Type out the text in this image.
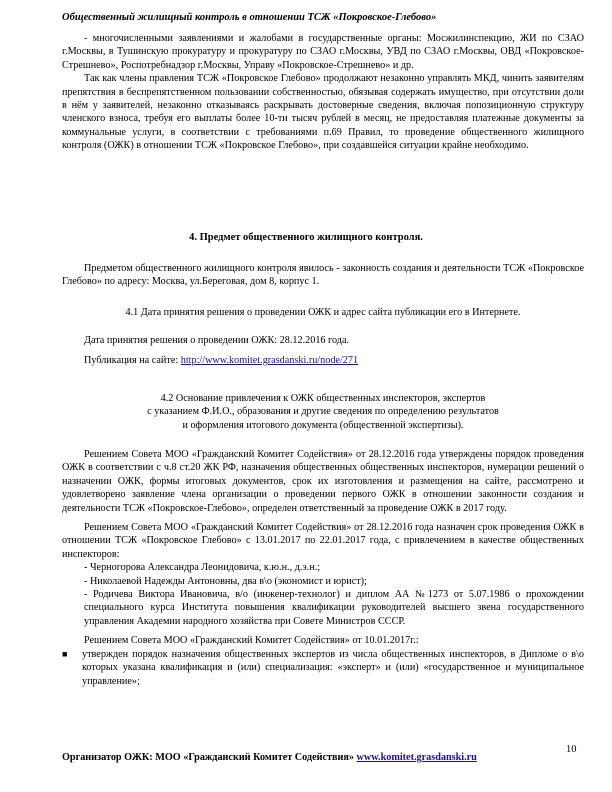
Общественный жилищный контроль в отношении ТСЖ «Покровское-Глебово»

- многочисленными заявлениями и жалобами в государственные органы: Мосжилинспекцию, ЖИ по СЗАО г.Москвы, в Тушинскую прокуратуру и прокуратуру по СЗАО г.Москвы, УВД по СЗАО г.Москвы, ОВД «Покровское-Стрешнево», Роспотребнадзор г.Москвы, Управу «Покровское-Стрешнево» и др.

Так как члены правления ТСЖ «Покровское Глебово» продолжают незаконно управлять МКД, чинить заявителям препятствия в беспрепятственном пользовании собственностью, обязывая содержать имущество, при отсутствии доли в нём у заявителей, незаконно отказываясь раскрывать достоверные сведения, включая попозиционную структуру членского взноса, требуя его выплаты более 10-ти тысяч рублей в месяц, не предоставляя платежные документы за коммунальные услуги, в соответствии с требованиями п.69 Правил, то проведение общественного жилищного контроля (ОЖК) в отношении ТСЖ «Покровское Глебово», при создавшейся ситуации крайне необходимо.

4. Предмет общественного жилищного контроля.

Предметом общественного жилищного контроля явилось - законность создания и деятельности ТСЖ «Покровское Глебово» по адресу: Москва, ул.Береговая, дом 8, корпус 1.

4.1 Дата принятия решения о проведении ОЖК и адрес сайта публикации его в Интернете.
Дата принятия решения о проведении ОЖК: 28.12.2016 года.
Публикация на сайте: http://www.komitet.grasdanski.ru/node/271

4.2 Основание привлечения к ОЖК общественных инспекторов, экспертов

с указанием Ф.И.О., образования и другие сведения по определению результатов

и оформления итогового документа (общественной экспертизы).

Решением Совета МОО «Гражданский Комитет Содействия» от 28.12.2016 года утверждены порядок проведения ОЖК в соответствии с ч.8 ст.20 ЖК РФ, назначения общественных общественных инспекторов, нумерации решений о назначении ОЖК, формы итоговых документов, срок их изготовления и размещения на сайте, рассмотрено и удовлетворено заявление члена организации о проведении первого ОЖК в отношении законности создания и деятельности ТСЖ «Покровское-Глебово», определен ответственный за проведение ОЖК в 2017 году.

Решением Совета МОО «Гражданский Комитет Содействия» от 28.12.2016 года назначен срок проведения ОЖК в отношении ТСЖ «Покровское Глебово» с 13.01.2017 по 22.01.2017 года, с привлечением в качестве общественных инспекторов:

- Черногорова Александра Леонидовича, к.ю.н., д.э.н.;

- Николаевой Надежды Антоновны, два в\о (экономист и юрист);

- Родичева Виктора Ивановича, в/о (инженер-технолог) и диплом АА №1273 от 5.07.1986 о прохождении специального курса Института повышения квалификации руководителей высшего звена государственного управления Академии народного хозяйства при Совете Министров СССР.

Решением Совета МОО «Гражданский Комитет Содействия» от 10.01.2017г.:

■	утвержден порядок назначения общественных экспертов из числа общественных инспекторов, в Дипломе о в\о которых указана квалификация и (или) специализация: «эксперт» и (или) «государственное и муниципальное управление»;
10
Организатор ОЖК: МОО «Гражданский Комитет Содействия» www.komitet.grasdanski.ru
